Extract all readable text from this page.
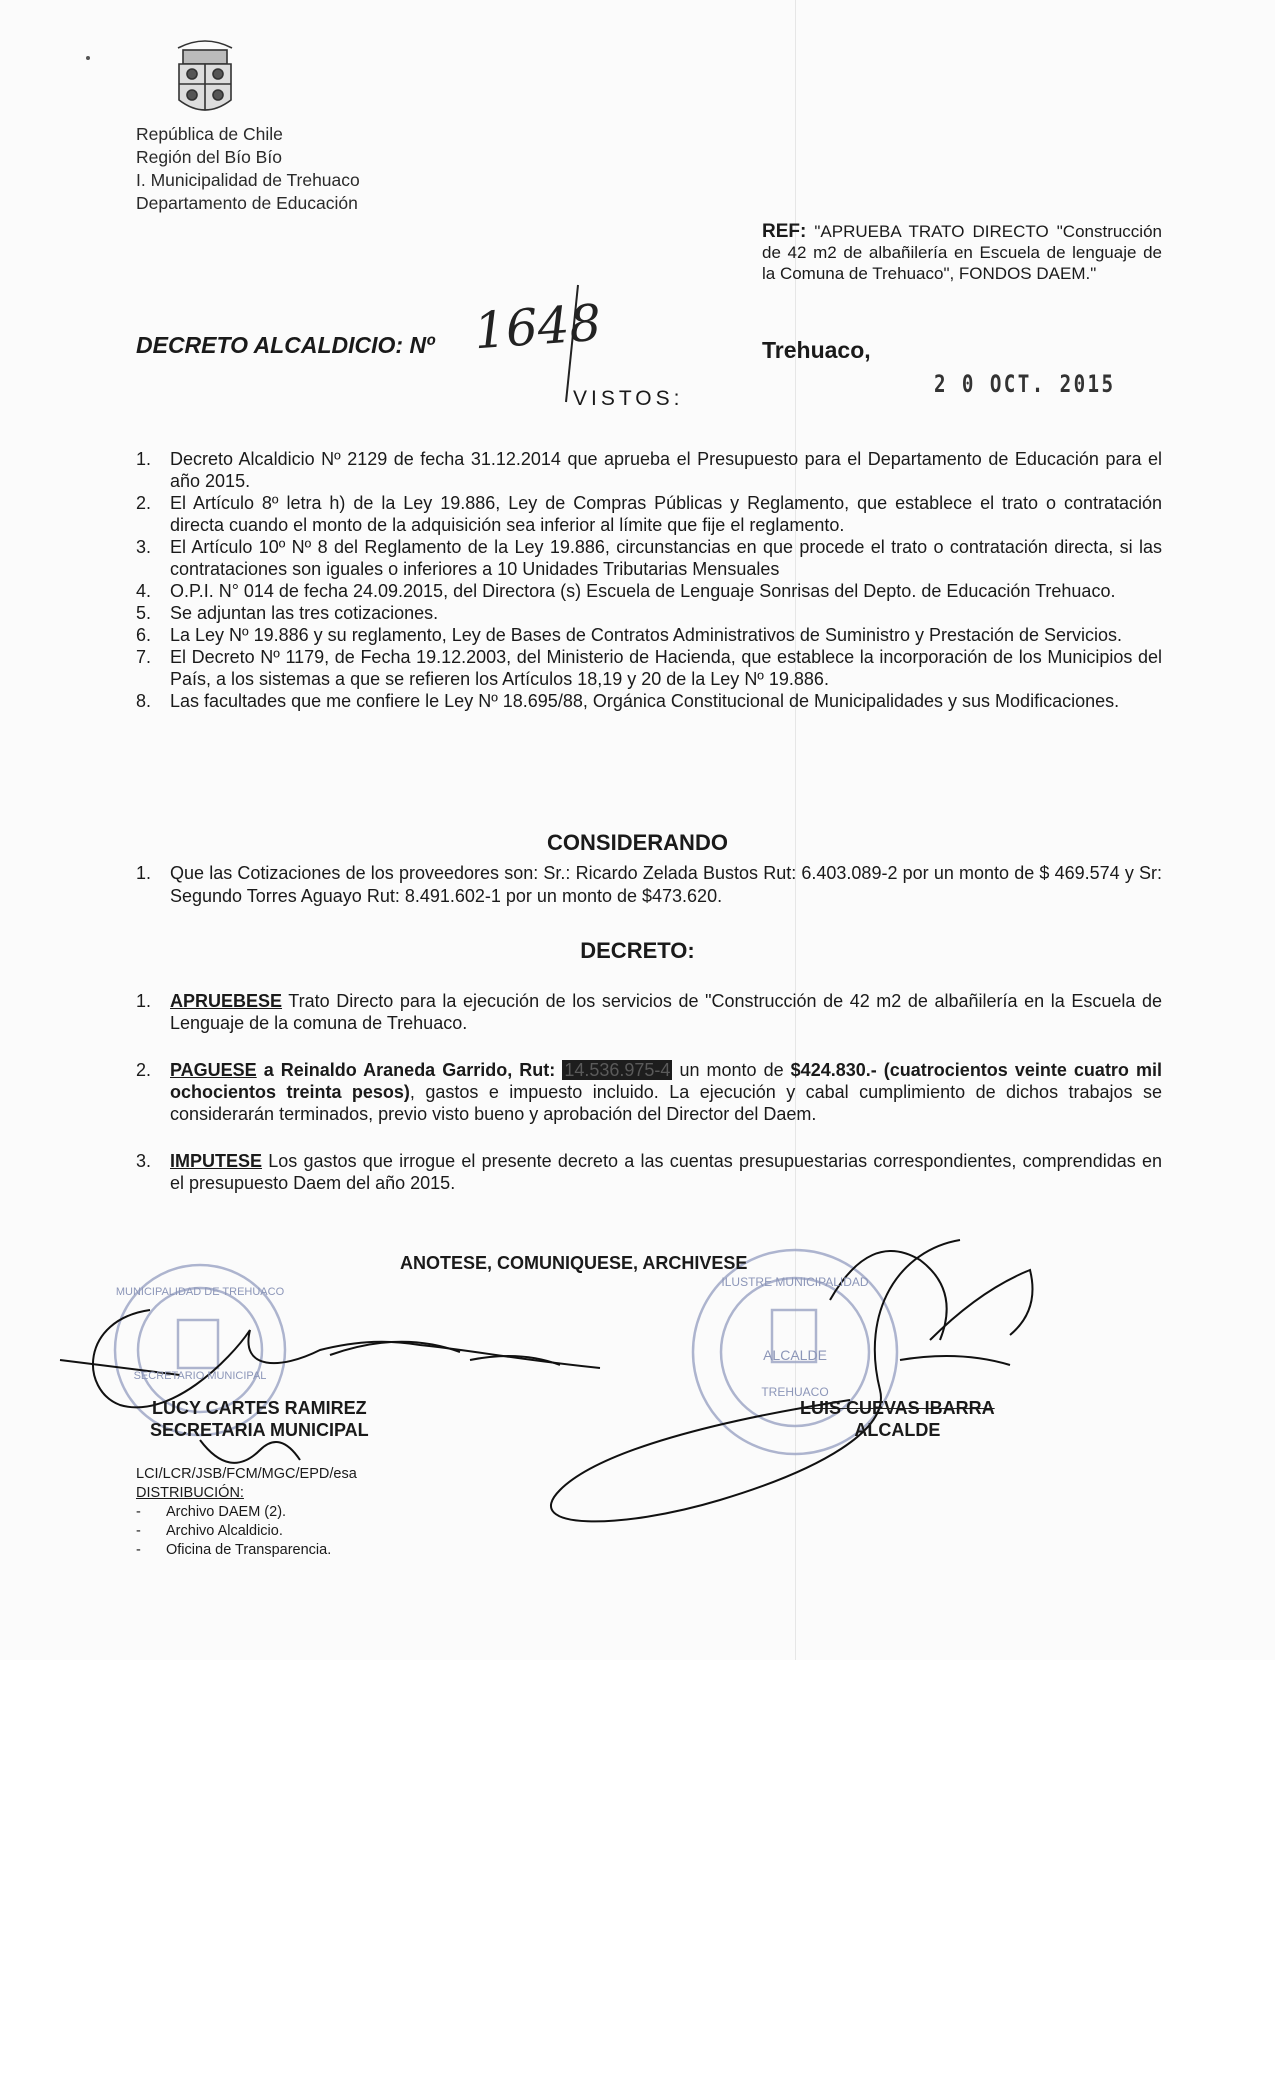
República de Chile
Región del Bío Bío
I. Municipalidad de Trehuaco
Departamento de Educación
REF: "APRUEBA TRATO DIRECTO "Construcción de 42 m2 de albañilería en Escuela de lenguaje de la Comuna de Trehuaco", FONDOS DAEM."
DECRETO ALCALDICIO: Nº 1648	Trehuaco,
2 0 OCT. 2015
VISTOS:
1. Decreto Alcaldicio Nº 2129 de fecha 31.12.2014 que aprueba el Presupuesto para el Departamento de Educación para el año 2015.
2. El Artículo 8º letra h) de la Ley 19.886, Ley de Compras Públicas y Reglamento, que establece el trato o contratación directa cuando el monto de la adquisición sea inferior al límite que fije el reglamento.
3. El Artículo 10º Nº 8 del Reglamento de la Ley 19.886, circunstancias en que procede el trato o contratación directa, si las contrataciones son iguales o inferiores a 10 Unidades Tributarias Mensuales
4. O.P.I. N° 014 de fecha 24.09.2015, del Directora (s) Escuela de Lenguaje Sonrisas del Depto. de Educación Trehuaco.
5. Se adjuntan las tres cotizaciones.
6. La Ley Nº 19.886 y su reglamento, Ley de Bases de Contratos Administrativos de Suministro y Prestación de Servicios.
7. El Decreto Nº 1179, de Fecha 19.12.2003, del Ministerio de Hacienda, que establece la incorporación de los Municipios del País, a los sistemas a que se refieren los Artículos 18,19 y 20 de la Ley Nº 19.886.
8. Las facultades que me confiere le Ley Nº 18.695/88, Orgánica Constitucional de Municipalidades y sus Modificaciones.
CONSIDERANDO
1. Que las Cotizaciones de los proveedores son: Sr.: Ricardo Zelada Bustos Rut: 6.403.089-2 por un monto de $ 469.574 y Sr: Segundo Torres Aguayo Rut: 8.491.602-1 por un monto de $473.620.
DECRETO:
1. APRUEBESE Trato Directo para la ejecución de los servicios de "Construcción de 42 m2 de albañilería en la Escuela de Lenguaje de la comuna de Trehuaco.
2. PAGUESE a Reinaldo Araneda Garrido, Rut: 14.536.975-4 un monto de $424.830.- (cuatrocientos veinte cuatro mil ochocientos treinta pesos), gastos e impuesto incluido. La ejecución y cabal cumplimiento de dichos trabajos se considerarán terminados, previo visto bueno y aprobación del Director del Daem.
3. IMPUTESE Los gastos que irrogue el presente decreto a las cuentas presupuestarias correspondientes, comprendidas en el presupuesto Daem del año 2015.
ANOTESE, COMUNIQUESE, ARCHIVESE
MUNICIPALIDAD DE TREHUACO
SECRETARIO MUNICIPAL
ILUSTRE MUNICIPALIDAD
ALCALDE
TREHUACO
LUCY CARTES RAMIREZ
SECRETARIA MUNICIPAL
LUIS CUEVAS IBARRA
ALCALDE
LCI/LCR/JSB/FCM/MGC/EPD/esa
DISTRIBUCIÓN:
- Archivo DAEM (2).
- Archivo Alcaldicio.
- Oficina de Transparencia.
